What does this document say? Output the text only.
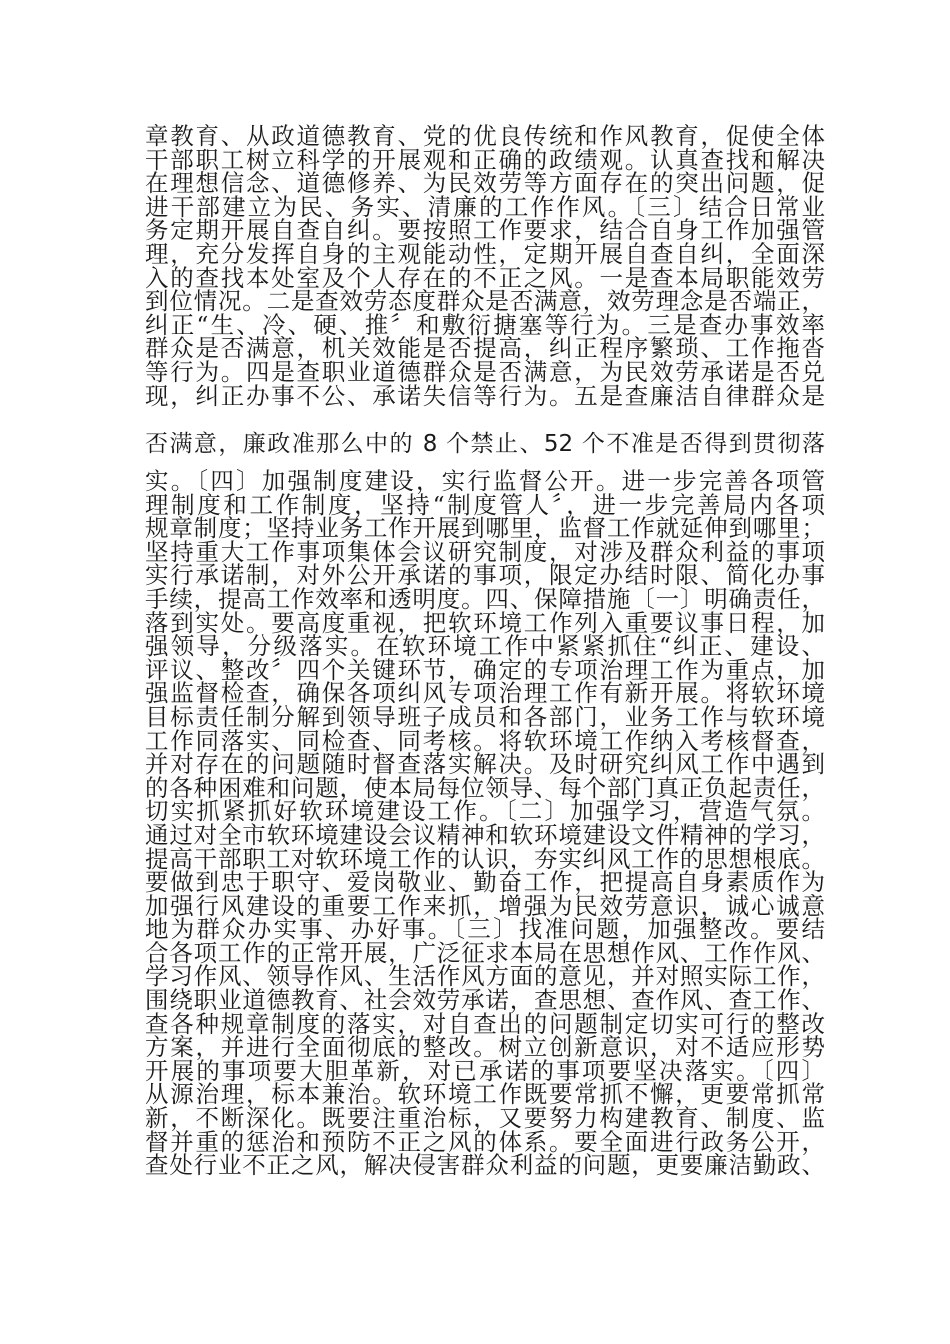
章教育、从政道德教育、党的优良传统和作风教育，促使全体
干部职工树立科学的开展观和正确的政绩观。认真查找和解决
在理想信念、道德修养、为民效劳等方面存在的突出问题，促
进干部建立为民、务实、清廉的工作作风。〔三〕结合日常业
务定期开展自查自纠。要按照工作要求，结合自身工作加强管
理，充分发挥自身的主观能动性，定期开展自查自纠，全面深
入的查找本处室及个人存在的不正之风。一是查本局职能效劳
到位情况。二是查效劳态度群众是否满意，效劳理念是否端正，
纠正“生、冷、硬、推〞和敷衍搪塞等行为。三是查办事效率
群众是否满意，机关效能是否提高，纠正程序繁琐、工作拖沓
等行为。四是查职业道德群众是否满意，为民效劳承诺是否兑
现，纠正办事不公、承诺失信等行为。五是查廉洁自律群众是
否满意，廉政准那么中的 8 个禁止、52 个不准是否得到贯彻落
实。〔四〕加强制度建设，实行监督公开。进一步完善各项管
理制度和工作制度，坚持“制度管人〞，进一步完善局内各项
规章制度；坚持业务工作开展到哪里，监督工作就延伸到哪里；
坚持重大工作事项集体会议研究制度，对涉及群众利益的事项
实行承诺制，对外公开承诺的事项，限定办结时限、简化办事
手续，提高工作效率和透明度。四、保障措施〔一〕明确责任，
落到实处。要高度重视，把软环境工作列入重要议事日程，加
强领导，分级落实。在软环境工作中紧紧抓住“纠正、建设、
评议、整改〞四个关键环节，确定的专项治理工作为重点，加
强监督检查，确保各项纠风专项治理工作有新开展。将软环境
目标责任制分解到领导班子成员和各部门，业务工作与软环境
工作同落实、同检查、同考核。将软环境工作纳入考核督查，
并对存在的问题随时督查落实解决。及时研究纠风工作中遇到
的各种困难和问题，使本局每位领导、每个部门真正负起责任，
切实抓紧抓好软环境建设工作。〔二〕加强学习，营造气氛。
通过对全市软环境建设会议精神和软环境建设文件精神的学习，
提高干部职工对软环境工作的认识，夯实纠风工作的思想根底。
要做到忠于职守、爱岗敬业、勤奋工作，把提高自身素质作为
加强行风建设的重要工作来抓，增强为民效劳意识，诚心诚意
地为群众办实事、办好事。〔三〕找准问题，加强整改。要结
合各项工作的正常开展，广泛征求本局在思想作风、工作作风、
学习作风、领导作风、生活作风方面的意见，并对照实际工作，
围绕职业道德教育、社会效劳承诺，查思想、查作风、查工作、
查各种规章制度的落实，对自查出的问题制定切实可行的整改
方案，并进行全面彻底的整改。树立创新意识，对不适应形势
开展的事项要大胆革新，对已承诺的事项要坚决落实。〔四〕
从源治理，标本兼治。软环境工作既要常抓不懈，更要常抓常
新，不断深化。既要注重治标，又要努力构建教育、制度、监
督并重的惩治和预防不正之风的体系。要全面进行政务公开，
查处行业不正之风，解决侵害群众利益的问题，更要廉洁勤政、
